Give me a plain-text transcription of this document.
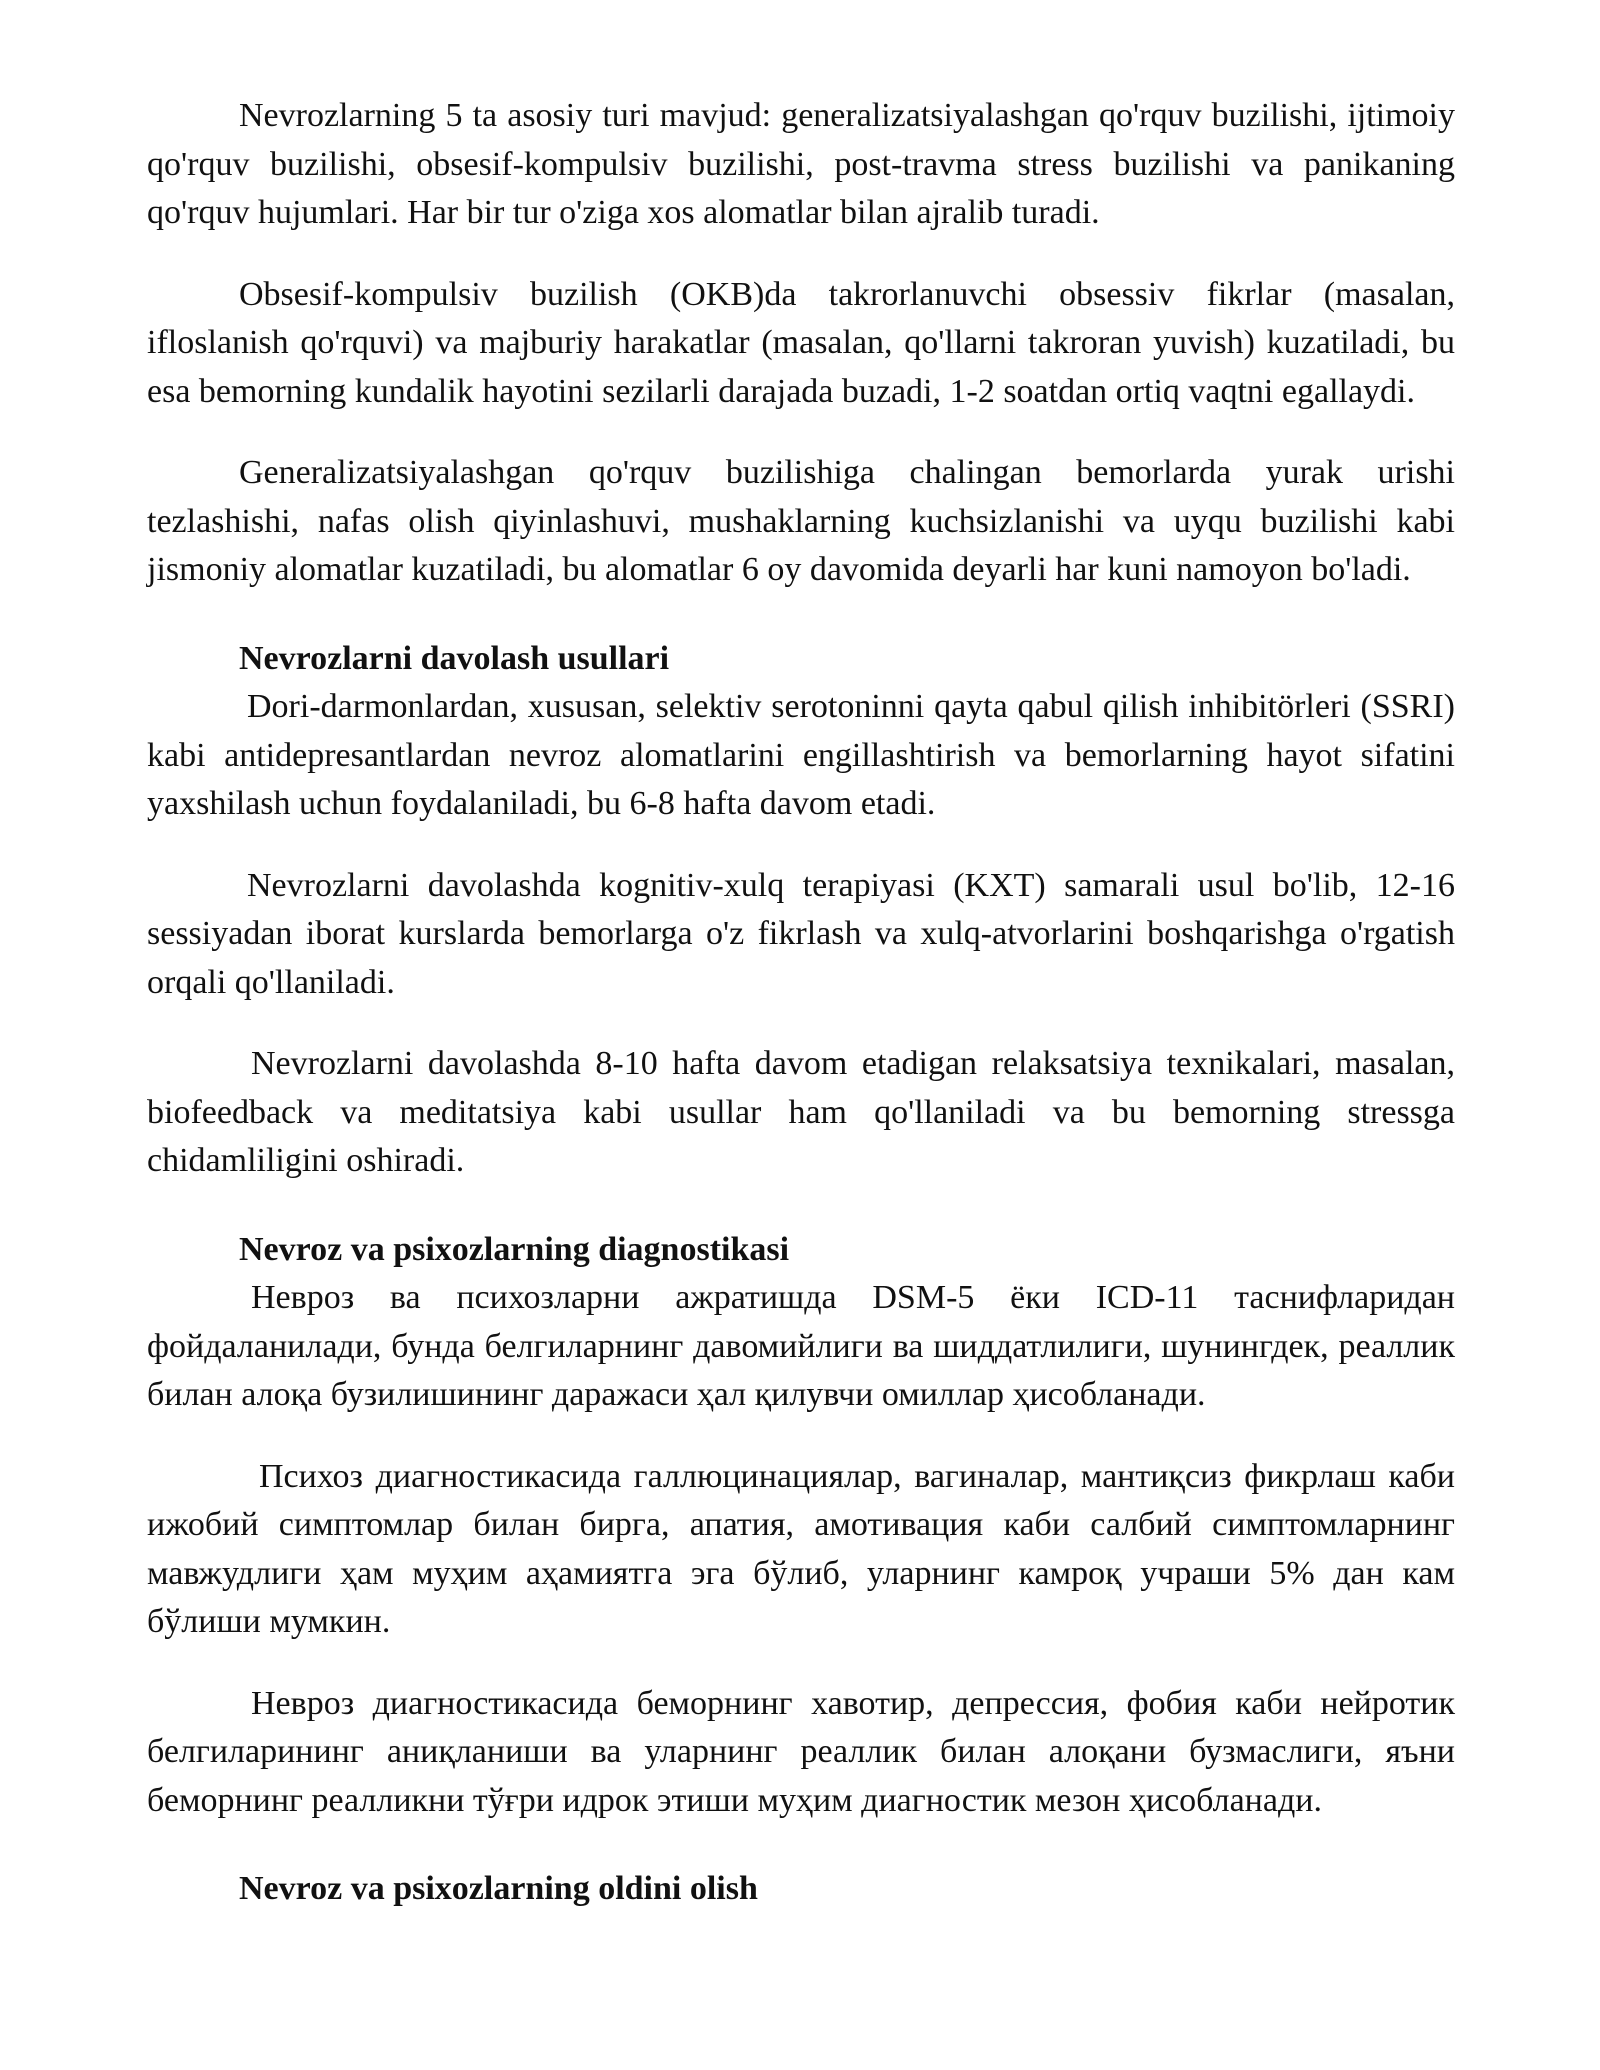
Nevrozlarning 5 ta asosiy turi mavjud: generalizatsiyalashgan qo'rquv buzilishi, ijtimoiy qo'rquv buzilishi, obsesif-kompulsiv buzilishi, post-travma stress buzilishi va panikaning qo'rquv hujumlari. Har bir tur o'ziga xos alomatlar bilan ajralib turadi.

Obsesif-kompulsiv buzilish (OKB)da takrorlanuvchi obsessiv fikrlar (masalan, ifloslanish qo'rquvi) va majburiy harakatlar (masalan, qo'llarni takroran yuvish) kuzatiladi, bu esa bemorning kundalik hayotini sezilarli darajada buzadi, 1-2 soatdan ortiq vaqtni egallaydi.

Generalizatsiyalashgan qo'rquv buzilishiga chalingan bemorlarda yurak urishi tezlashishi, nafas olish qiyinlashuvi, mushaklarning kuchsizlanishi va uyqu buzilishi kabi jismoniy alomatlar kuzatiladi, bu alomatlar 6 oy davomida deyarli har kuni namoyon bo'ladi.

Nevrozlarni davolash usullari

Dori-darmonlardan, xususan, selektiv serotoninni qayta qabul qilish inhibitörleri (SSRI) kabi antidepresantlardan nevroz alomatlarini engillashtirish va bemorlarning hayot sifatini yaxshilash uchun foydalaniladi, bu 6-8 hafta davom etadi.

Nevrozlarni davolashda kognitiv-xulq terapiyasi (KXT) samarali usul bo'lib, 12-16 sessiyadan iborat kurslarda bemorlarga o'z fikrlash va xulq-atvorlarini boshqarishga o'rgatish orqali qo'llaniladi.

Nevrozlarni davolashda 8-10 hafta davom etadigan relaksatsiya texnikalari, masalan, biofeedback va meditatsiya kabi usullar ham qo'llaniladi va bu bemorning stressga chidamliligini oshiradi.

Nevroz va psixozlarning diagnostikasi

Невроз ва психозларни ажратишда DSM-5 ёки ICD-11 таснифларидан фойдаланилади, бунда белгиларнинг давомийлиги ва шиддатлилиги, шунингдек, реаллик билан алоқа бузилишининг даражаси ҳал қилувчи омиллар ҳисобланади.

Психоз диагностикасида галлюцинациялар, вагиналар, мантиқсиз фикрлаш каби ижобий симптомлар билан бирга, апатия, амотивация каби салбий симптомларнинг мавжудлиги ҳам муҳим аҳамиятга эга бўлиб, уларнинг камроқ учраши 5% дан кам бўлиши мумкин.

Невроз диагностикасида беморнинг хавотир, депрессия, фобия каби нейротик белгиларининг аниқланиши ва уларнинг реаллик билан алоқани бузмаслиги, яъни беморнинг реалликни тўғри идрок этиши муҳим диагностик мезон ҳисобланади.

Nevroz va psixozlarning oldini olish
